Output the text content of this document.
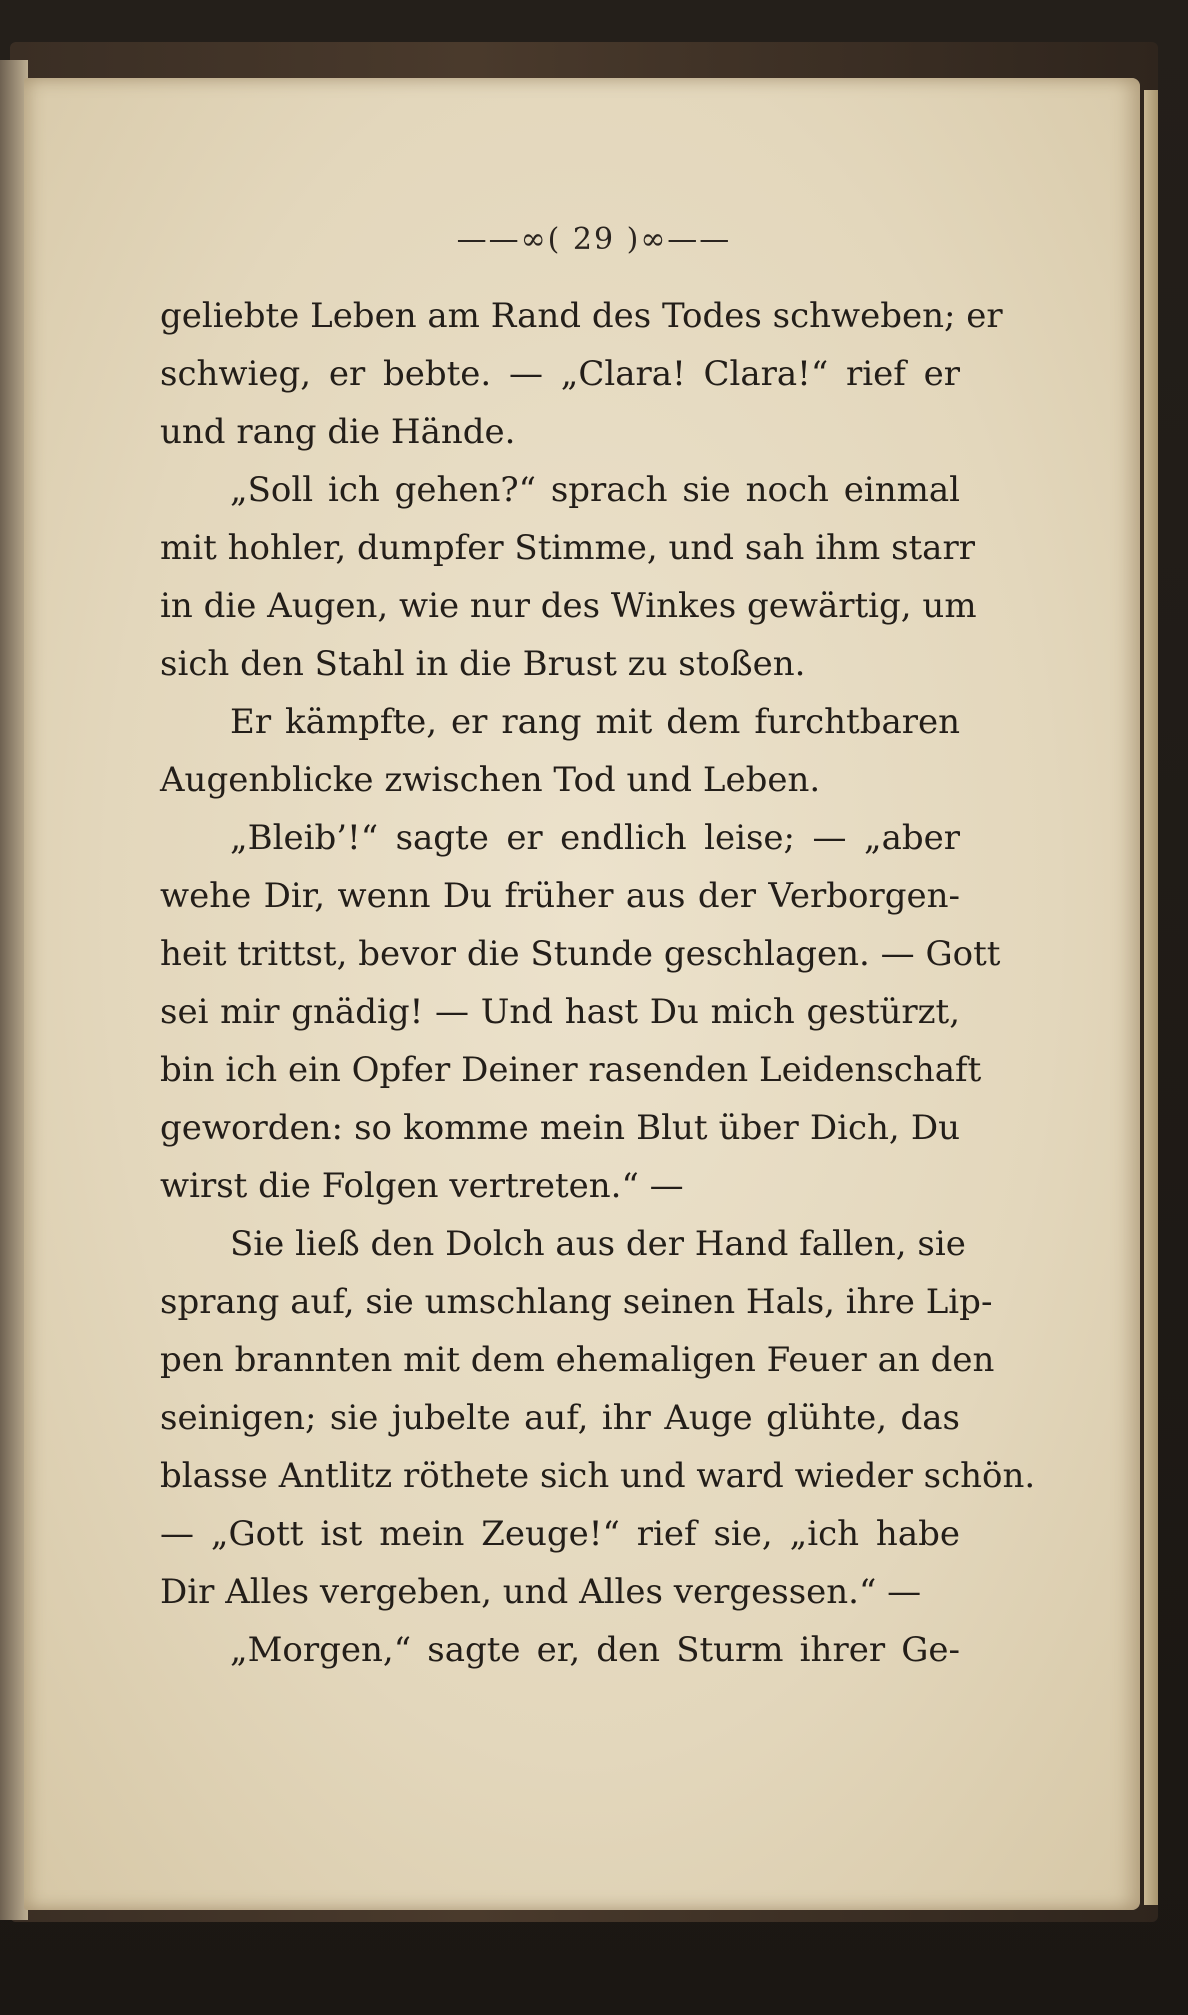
——∞( 29 )∞——
geliebte Leben am Rand des Todes schweben; er
schwieg, er bebte. — „Clara! Clara!“ rief er
und rang die Hände.
„Soll ich gehen?“ sprach sie noch einmal
mit hohler, dumpfer Stimme, und sah ihm starr
in die Augen, wie nur des Winkes gewärtig, um
sich den Stahl in die Brust zu stoßen.
Er kämpfte, er rang mit dem furchtbaren
Augenblicke zwischen Tod und Leben.
„Bleib’!“ sagte er endlich leise; — „aber
wehe Dir, wenn Du früher aus der Verborgen-
heit trittst, bevor die Stunde geschlagen. — Gott
sei mir gnädig! — Und hast Du mich gestürzt,
bin ich ein Opfer Deiner rasenden Leidenschaft
geworden: so komme mein Blut über Dich, Du
wirst die Folgen vertreten.“ —
Sie ließ den Dolch aus der Hand fallen, sie
sprang auf, sie umschlang seinen Hals, ihre Lip-
pen brannten mit dem ehemaligen Feuer an den
seinigen; sie jubelte auf, ihr Auge glühte, das
blasse Antlitz röthete sich und ward wieder schön.
— „Gott ist mein Zeuge!“ rief sie, „ich habe
Dir Alles vergeben, und Alles vergessen.“ —
„Morgen,“ sagte er, den Sturm ihrer Ge-
